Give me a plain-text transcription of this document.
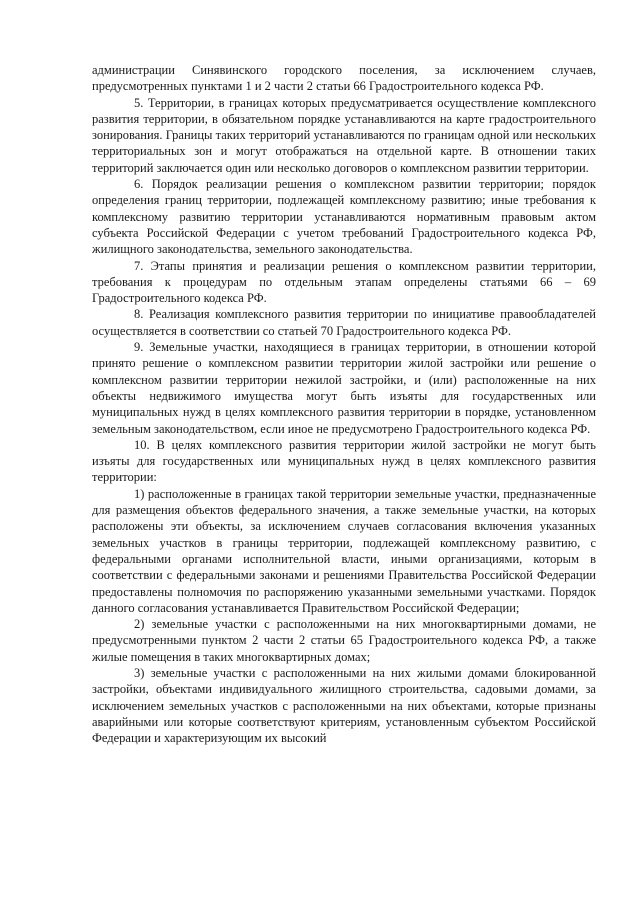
администрации Синявинского городского поселения, за исключением случаев, предусмотренных пунктами 1 и 2 части 2 статьи 66 Градостроительного кодекса РФ.

5. Территории, в границах которых предусматривается осуществление комплексного развития территории, в обязательном порядке устанавливаются на карте градостроительного зонирования. Границы таких территорий устанавливаются по границам одной или нескольких территориальных зон и могут отображаться на отдельной карте. В отношении таких территорий заключается один или несколько договоров о комплексном развитии территории.

6. Порядок реализации решения о комплексном развитии территории; порядок определения границ территории, подлежащей комплексному развитию; иные требования к комплексному развитию территории устанавливаются нормативным правовым актом субъекта Российской Федерации с учетом требований Градостроительного кодекса РФ, жилищного законодательства, земельного законодательства.

7. Этапы принятия и реализации решения о комплексном развитии территории, требования к процедурам по отдельным этапам определены статьями 66 – 69 Градостроительного кодекса РФ.

8. Реализация комплексного развития территории по инициативе правообладателей осуществляется в соответствии со статьей 70 Градостроительного кодекса РФ.

9. Земельные участки, находящиеся в границах территории, в отношении которой принято решение о комплексном развитии территории жилой застройки или решение о комплексном развитии территории нежилой застройки, и (или) расположенные на них объекты недвижимого имущества могут быть изъяты для государственных или муниципальных нужд в целях комплексного развития территории в порядке, установленном земельным законодательством, если иное не предусмотрено Градостроительного кодекса РФ.

10. В целях комплексного развития территории жилой застройки не могут быть изъяты для государственных или муниципальных нужд в целях комплексного развития территории:

1) расположенные в границах такой территории земельные участки, предназначенные для размещения объектов федерального значения, а также земельные участки, на которых расположены эти объекты, за исключением случаев согласования включения указанных земельных участков в границы территории, подлежащей комплексному развитию, с федеральными органами исполнительной власти, иными организациями, которым в соответствии с федеральными законами и решениями Правительства Российской Федерации предоставлены полномочия по распоряжению указанными земельными участками. Порядок данного согласования устанавливается Правительством Российской Федерации;

2) земельные участки с расположенными на них многоквартирными домами, не предусмотренными пунктом 2 части 2 статьи 65 Градостроительного кодекса РФ, а также жилые помещения в таких многоквартирных домах;

3) земельные участки с расположенными на них жилыми домами блокированной застройки, объектами индивидуального жилищного строительства, садовыми домами, за исключением земельных участков с расположенными на них объектами, которые признаны аварийными или которые соответствуют критериям, установленным субъектом Российской Федерации и характеризующим их высокий
